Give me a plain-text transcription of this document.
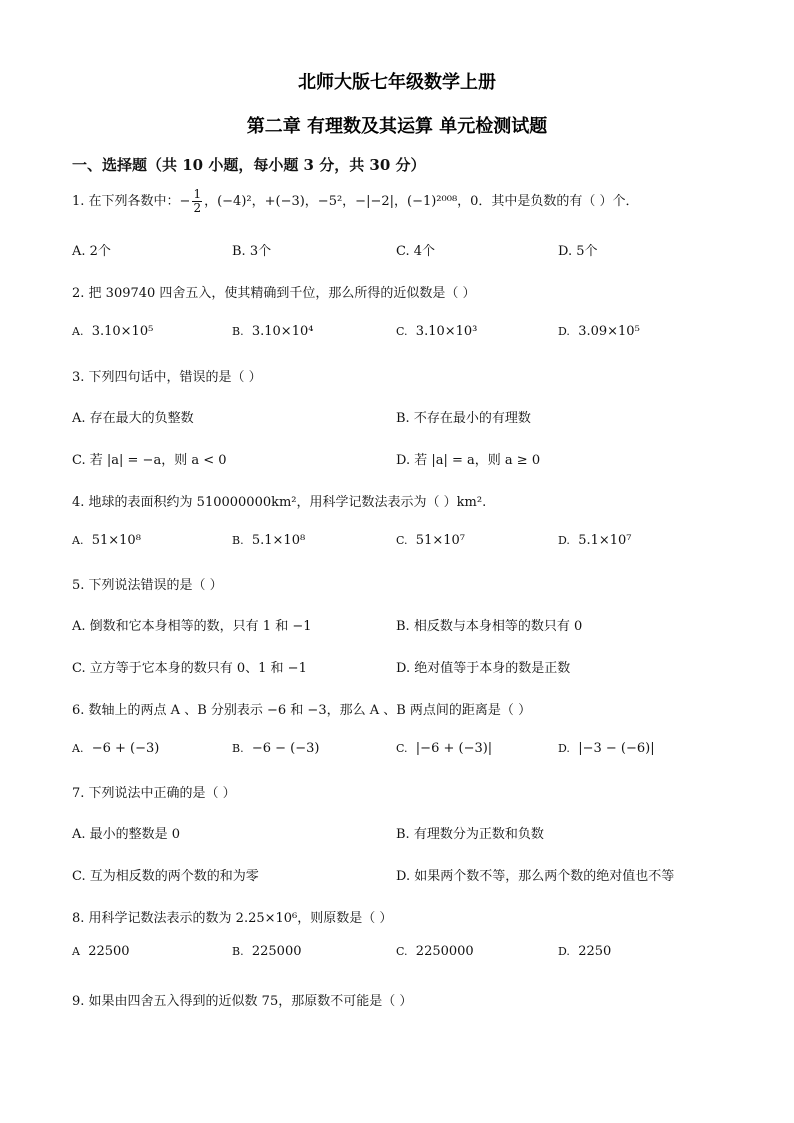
北师大版七年级数学上册
第二章 有理数及其运算 单元检测试题
一、选择题（共 10 小题，每小题 3 分，共 30 分）
1. 在下列各数中：− $\frac{1}{2}$ ，(−4)²，+(−3)，−5²，−|−2|，(−1)²⁰⁰⁸，0．其中是负数的有（ ）个．
A. 2个	B. 3个	C. 4个	D. 5个
2. 把 309740 四舍五入，使其精确到千位，那么所得的近似数是（ ）
A. 3.10×10⁵	B. 3.10×10⁴	C. 3.10×10³	D. 3.09×10⁵
3. 下列四句话中，错误的是（ ）
A. 存在最大的负整数	B. 不存在最小的有理数
C. 若 |a| = −a，则 a < 0	D. 若 |a| = a，则 a ≥ 0
4. 地球的表面积约为 510000000km²，用科学记数法表示为（ ）km².
A. 51×10⁸	B. 5.1×10⁸	C. 51×10⁷	D. 5.1×10⁷
5. 下列说法错误的是（ ）
A. 倒数和它本身相等的数，只有 1 和 −1	B. 相反数与本身相等的数只有 0
C. 立方等于它本身的数只有 0、1 和 −1	D. 绝对值等于本身的数是正数
6. 数轴上的两点 A 、B 分别表示 −6 和 −3，那么 A 、B 两点间的距离是（ ）
A. −6 + (−3)	B. −6 − (−3)	C. |−6 + (−3)|	D. |−3 − (−6)|
7. 下列说法中正确的是（ ）
A. 最小的整数是 0	B. 有理数分为正数和负数
C. 互为相反数的两个数的和为零	D. 如果两个数不等，那么两个数的绝对值也不等
8. 用科学记数法表示的数为 2.25×10⁶，则原数是（ ）
A 22500	B. 225000	C. 2250000	D. 2250
9. 如果由四舍五入得到的近似数 75，那原数不可能是（ ）
